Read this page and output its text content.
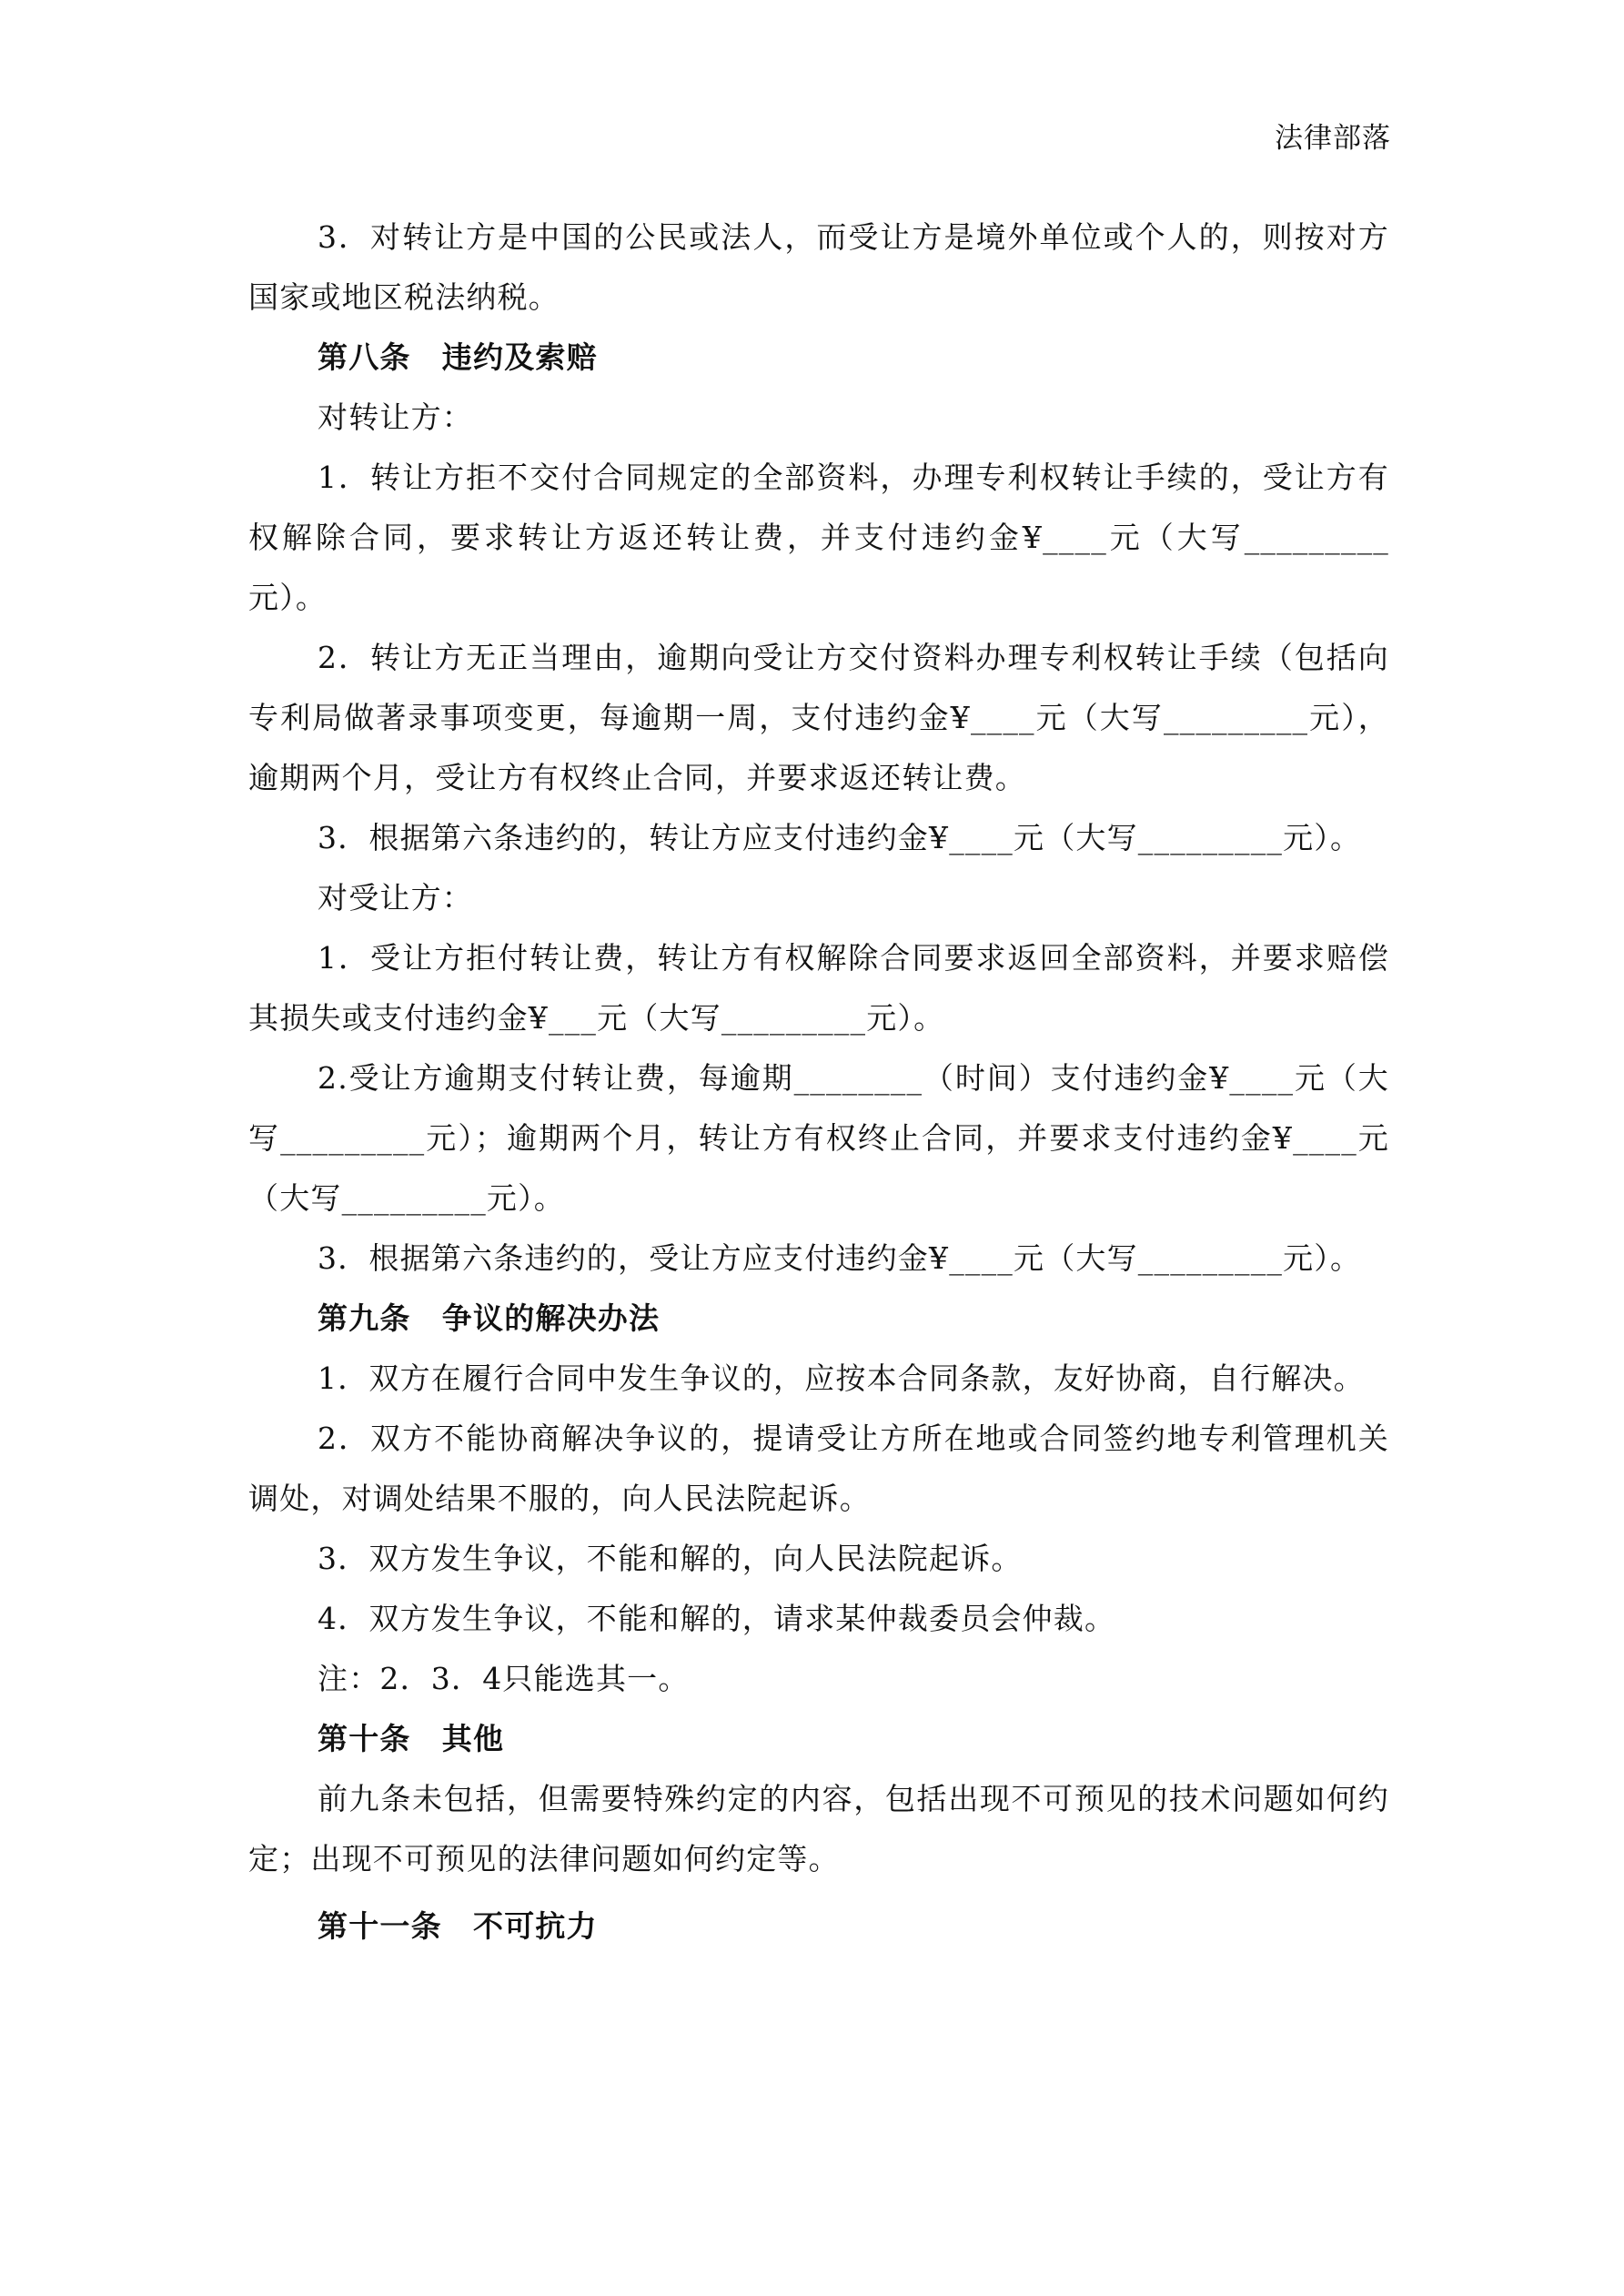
法律部落

3．对转让方是中国的公民或法人，而受让方是境外单位或个人的，则按对方国家或地区税法纳税。

第八条　违约及索赔

对转让方：

1．转让方拒不交付合同规定的全部资料，办理专利权转让手续的，受让方有权解除合同，要求转让方返还转让费，并支付违约金¥____元（大写_________元）。

2．转让方无正当理由，逾期向受让方交付资料办理专利权转让手续（包括向专利局做著录事项变更，每逾期一周，支付违约金¥____元（大写_________元），逾期两个月，受让方有权终止合同，并要求返还转让费。

3．根据第六条违约的，转让方应支付违约金¥____元（大写_________元）。

对受让方：

1．受让方拒付转让费，转让方有权解除合同要求返回全部资料，并要求赔偿其损失或支付违约金¥___元（大写_________元）。

2.受让方逾期支付转让费，每逾期________（时间）支付违约金¥____元（大写_________元）；逾期两个月，转让方有权终止合同，并要求支付违约金¥____元（大写_________元）。

3．根据第六条违约的，受让方应支付违约金¥____元（大写_________元）。

第九条　争议的解决办法

1．双方在履行合同中发生争议的，应按本合同条款，友好协商，自行解决。

2．双方不能协商解决争议的，提请受让方所在地或合同签约地专利管理机关调处，对调处结果不服的，向人民法院起诉。

3．双方发生争议，不能和解的，向人民法院起诉。

4．双方发生争议，不能和解的，请求某仲裁委员会仲裁。

注：2．3．4只能选其一。

第十条　其他

前九条未包括，但需要特殊约定的内容，包括出现不可预见的技术问题如何约定；出现不可预见的法律问题如何约定等。

第十一条　不可抗力
